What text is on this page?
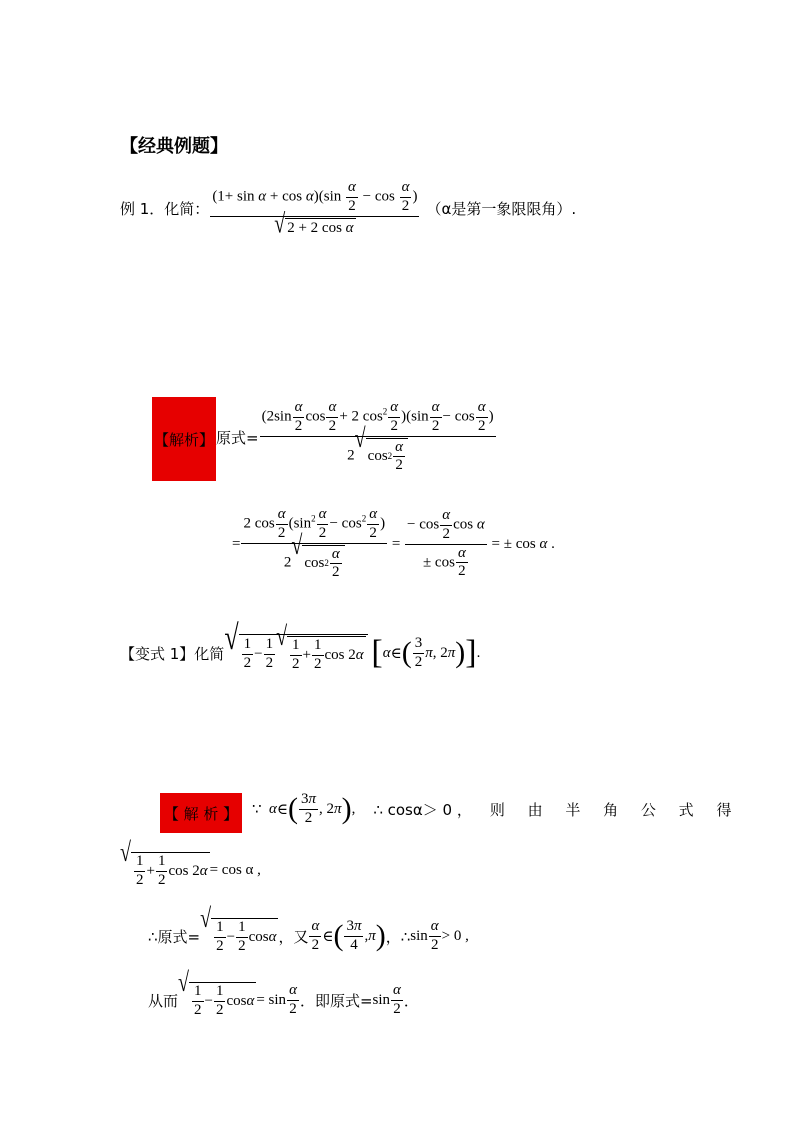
【经典例题】
例 1．化简： $\frac{(1+ \sin \alpha + \cos \alpha)(\sin \frac{\alpha}{2} - \cos \frac{\alpha}{2} )}{\text{√ 2 + 2 cos α}} (\alpha$是第一象限限角）.
【解析】 原式= ($2\sin \frac{\alpha}{2}$ $\cos \frac{\alpha}{2} + 2$ $\cos^2 \frac{\alpha}{2} )(\sin \frac{\alpha}{2} - \cos \frac{\alpha}{2}$ )
2
√
$\cos 2 \frac{\alpha}{2}$
= 2 $\cos \frac{\alpha}{2} (\sin^2 \frac{\alpha}{2} - \cos^2 \frac{\alpha}{2}$ )
2
√
$\cos 2 \frac{\alpha}{2} = \frac{- \cos \frac{\alpha}{2} \cos \alpha}{\pm \cos \frac{\alpha}{2}}$ = ± cos α .
【变式 1】化简 √ $\frac{1}{2} - \frac{1}{2}$
√
$\frac{1}{2} + \frac{1}{2}$ cos 2 α
[ α ∈ ( $\frac{3}{2}$ π , 2 π ) ] .
【 解 析 】 ∵
α ∈ ( $\frac{3\pi}{2}$ , 2 π ) , ∴ cosα＞ 0 ， 则 由 半 角 公 式 得
√
$\frac{1}{2} + \frac{1}{2}$ cos 2 α = cos α ,
∴原式=
√
$\frac{1}{2} - \frac{1}{2}$ cos α ，又 $\frac{\alpha}{2}$ ∈ ( $\frac{3\pi}{4}$ , π ) ，∴ $\sin \frac{\alpha}{2} > 0$ ,
从而
√
$\frac{1}{2} - \frac{1}{2}$ $\cos \alpha = \sin \frac{\alpha}{2}$ ．即原式= $\sin \frac{\alpha}{2}$ ．
